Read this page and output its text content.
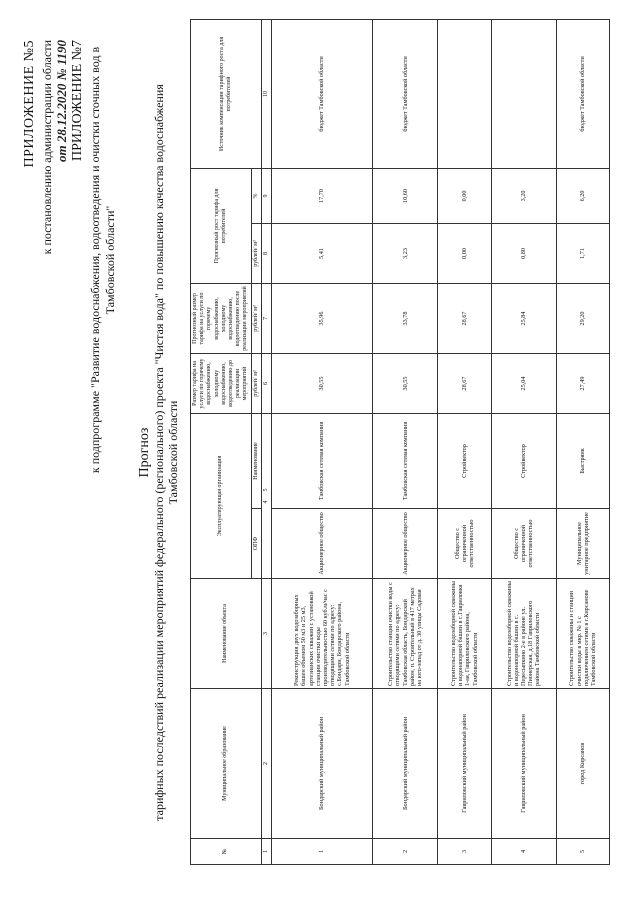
ПРИЛОЖЕНИЕ №5 к постановлению администрации области от 28.12.2020 № 1190 ПРИЛОЖЕНИЕ №7 к подпрограмме "Развитие водоснабжения, водоотведения и очистки сточных вод в Тамбовской области"
Прогноз тарифных последствий реализации мероприятий федерального (регионального) проекта "Чистая вода" по повышению качества водоснабжения Тамбовской области
№	Муниципальное образование	Наименование объекта	Эксплуатирующая организация		Размер тарифа на услуги по горячему водоснабжению, холодному водоснабжению, водоотведению до реализации мероприятий	Прогнозный размер тарифа на услуги по горячему водоснабжению, холодному водоснабжению, водоотведению после реализации мероприятий	Прогнозный рост тарифа для потребителей		Источник компенсации тарифного роста для потребителей
			ОПФ	Наименование	рублей/ м³	рублей/ м³	рублей/ м³	%	
1	2	3	4      5		6	7	8	9	10
1	Бондарский муниципальный район	Реконструкция двух водозаборных башен объемом 50 м3 и 25 м3, артезианских скважин с установкой станции очистки воды производительностью 60 куб.м/час с отводящими сетями по адресу: с.Бондари, Бондарского района, Тамбовской области	Акционерное общество	Тамбовская сетевая компания	30,55	35,96	5,41	17,70	бюджет Тамбовской области
2	Бондарский муниципальный район	Строительство станции очистки воды с отводящими сетями по адресу: Тамбовская область, Бондарский район, п. Строительный в 417 метрах на юго-запад от д. 30 улицы Садовая	Акционерное общество	Тамбовская сетевая компания	30,55	33,78	3,23	10,60	бюджет Тамбовской области
3	Гавриловский муниципальный район	Строительство водозаборной скважины и водонапорной башни в с.Гавриловка 1-ая, Гавриловского района, Тамбовской области	Общество с ограниченной ответственностью	Стройвектор	28,67	28,67	0,00	0,00	
4	Гавриловский муниципальный район	Строительство водозаборной скважины и водонапорной башни в с. Пересыпкино 2-е в районе ул. Пионерская, д.18 Гавриловского района Тамбовской области	Общество с ограниченной ответственностью	Стройвектор	25,04	25,84	0,80	3,20	
5	город Кирсанов	Строительство скважины и станции очистки воды в мкр. № 1 с подключением сетями в г.Кирсанове Тамбовской области	Муниципальное унитарное предприятие	Быстрянк	27,49	29,20	1,71	6,20	бюджет Тамбовской области
